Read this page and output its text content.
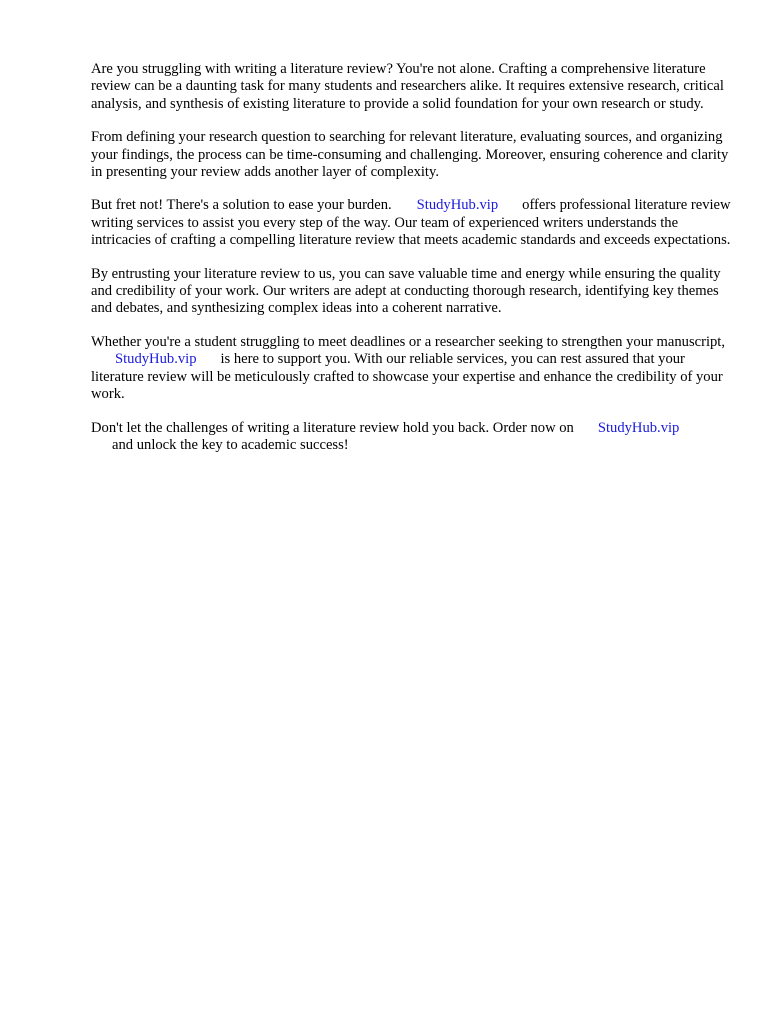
Are you struggling with writing a literature review? You're not alone. Crafting a comprehensive literature review can be a daunting task for many students and researchers alike. It requires extensive research, critical analysis, and synthesis of existing literature to provide a solid foundation for your own research or study.

From defining your research question to searching for relevant literature, evaluating sources, and organizing your findings, the process can be time-consuming and challenging. Moreover, ensuring coherence and clarity in presenting your review adds another layer of complexity.

But fret not! There's a solution to ease your burden. StudyHub.vip offers professional literature review writing services to assist you every step of the way. Our team of experienced writers understands the intricacies of crafting a compelling literature review that meets academic standards and exceeds expectations.

By entrusting your literature review to us, you can save valuable time and energy while ensuring the quality and credibility of your work. Our writers are adept at conducting thorough research, identifying key themes and debates, and synthesizing complex ideas into a coherent narrative.

Whether you're a student struggling to meet deadlines or a researcher seeking to strengthen your manuscript,StudyHub.vip is here to support you. With our reliable services, you can rest assured that your literature review will be meticulously crafted to showcase your expertise and enhance the credibility of your work.

Don't let the challenges of writing a literature review hold you back. Order now on StudyHub.vip
and unlock the key to academic success!
